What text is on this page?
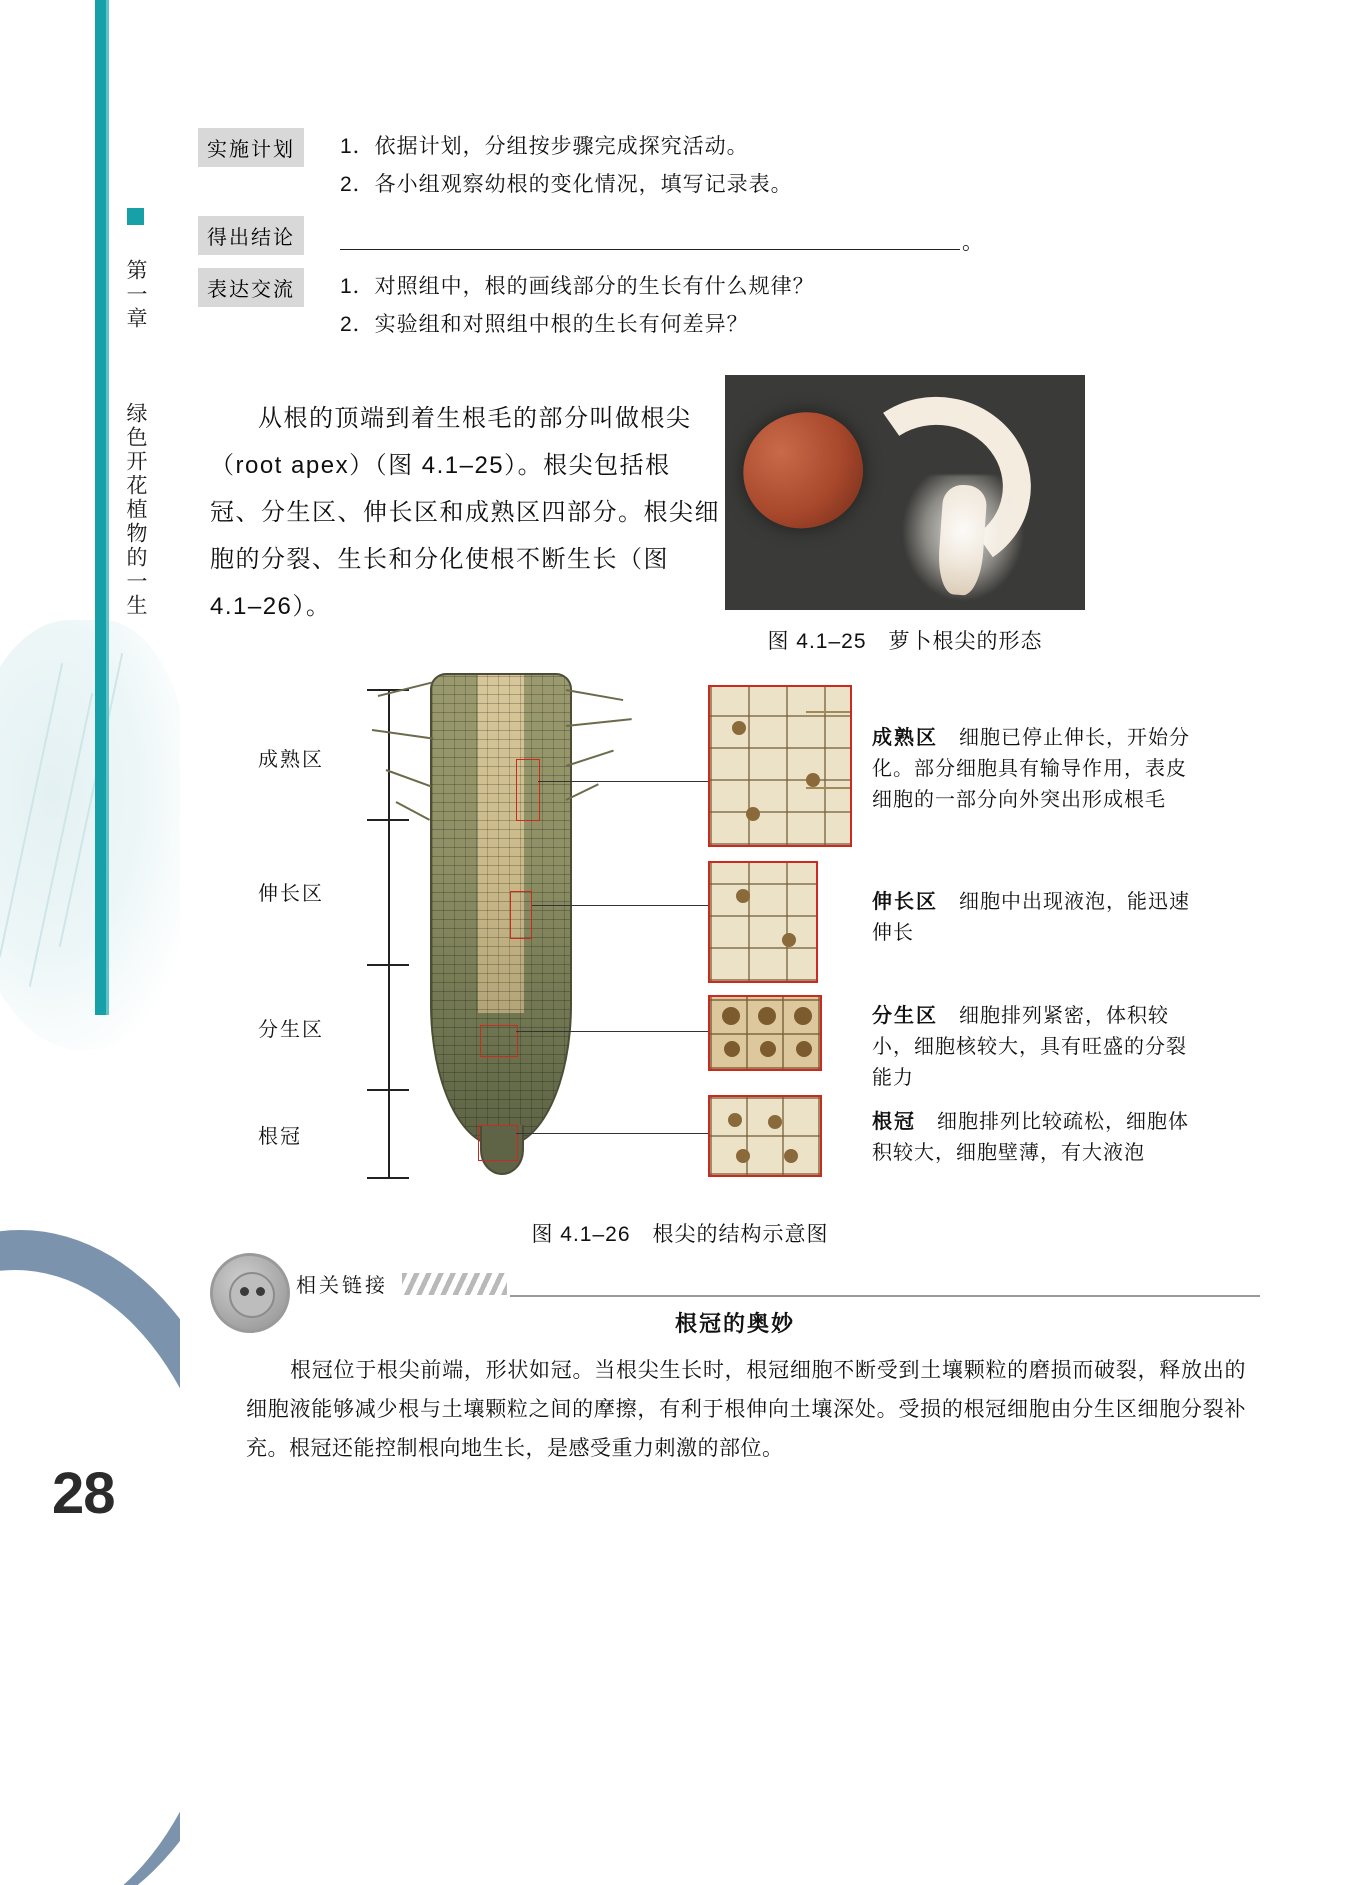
第一章
绿色开花植物的一生
28
实施计划	1．依据计划，分组按步骤完成探究活动。
2．各小组观察幼根的变化情况，填写记录表。
得出结论	。
表达交流	1．对照组中，根的画线部分的生长有什么规律？
2．实验组和对照组中根的生长有何差异？
从根的顶端到着生根毛的部分叫做根尖（root apex）（图 4.1–25）。根尖包括根冠、分生区、伸长区和成熟区四部分。根尖细胞的分裂、生长和分化使根不断生长（图 4.1–26）。
图 4.1–25　萝卜根尖的形态
成熟区
伸长区
分生区
根冠
成熟区　 细胞已停止伸长，开始分化。部分细胞具有输导作用，表皮细胞的一部分向外突出形成根毛
伸长区　 细胞中出现液泡，能迅速伸长
分生区　 细胞排列紧密，体积较小，细胞核较大，具有旺盛的分裂能力
根冠　 细胞排列比较疏松，细胞体积较大，细胞壁薄，有大液泡
图 4.1–26　根尖的结构示意图
相关链接
根冠的奥妙
根冠位于根尖前端，形状如冠。当根尖生长时，根冠细胞不断受到土壤颗粒的磨损而破裂，释放出的细胞液能够减少根与土壤颗粒之间的摩擦，有利于根伸向土壤深处。受损的根冠细胞由分生区细胞分裂补充。根冠还能控制根向地生长，是感受重力刺激的部位。
